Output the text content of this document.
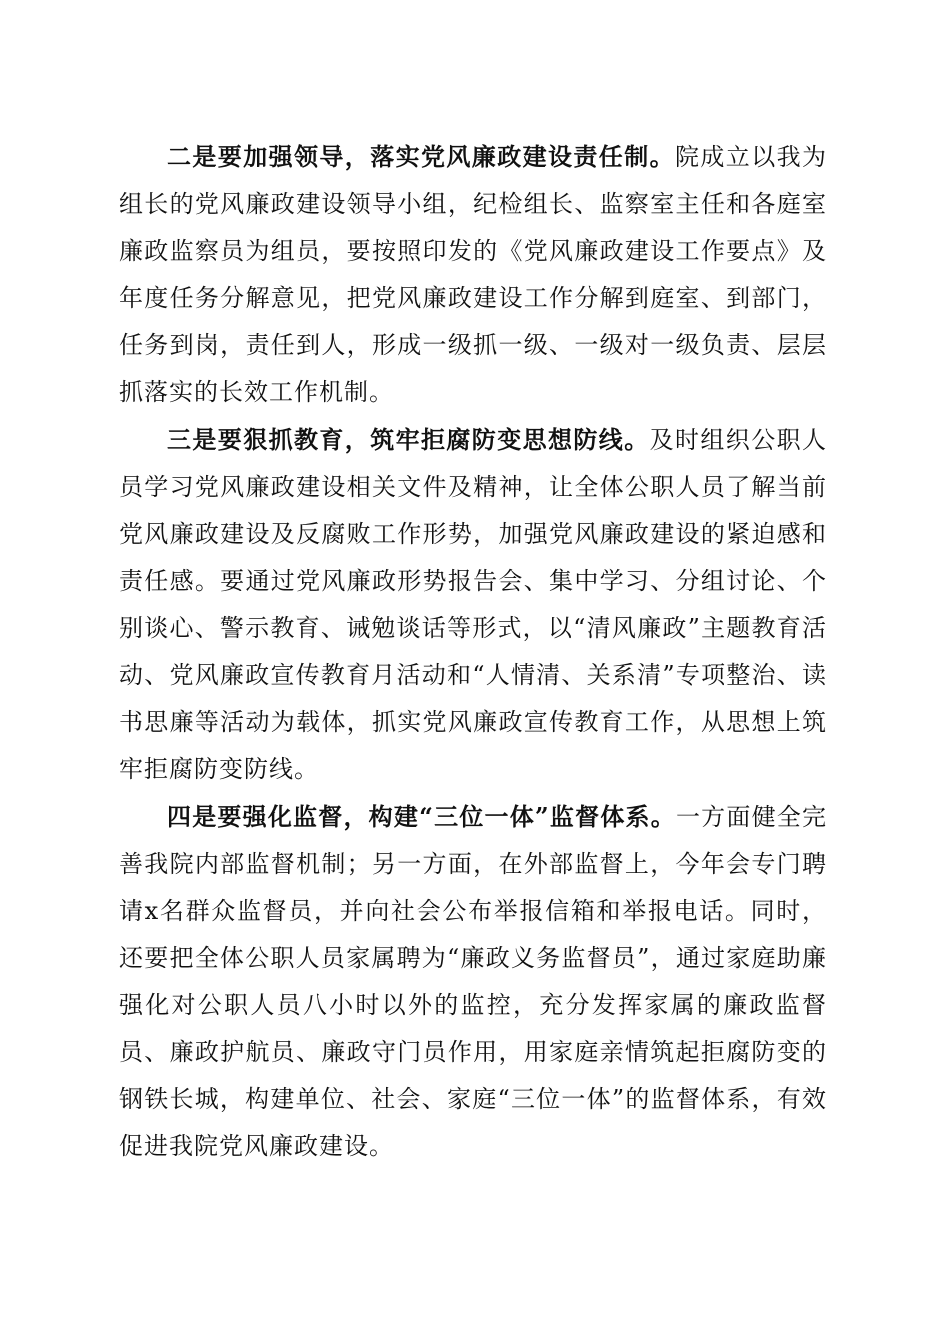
二是要加强领导，落实党风廉政建设责任制。院成立以我为组长的党风廉政建设领导小组，纪检组长、监察室主任和各庭室廉政监察员为组员，要按照印发的《党风廉政建设工作要点》及年度任务分解意见，把党风廉政建设工作分解到庭室、到部门，任务到岗，责任到人，形成一级抓一级、一级对一级负责、层层抓落实的长效工作机制。

三是要狠抓教育，筑牢拒腐防变思想防线。及时组织公职人员学习党风廉政建设相关文件及精神，让全体公职人员了解当前党风廉政建设及反腐败工作形势，加强党风廉政建设的紧迫感和责任感。要通过党风廉政形势报告会、集中学习、分组讨论、个别谈心、警示教育、诫勉谈话等形式，以“清风廉政”主题教育活动、党风廉政宣传教育月活动和“人情清、关系清”专项整治、读书思廉等活动为载体，抓实党风廉政宣传教育工作，从思想上筑牢拒腐防变防线。

四是要强化监督，构建“三位一体”监督体系。一方面健全完善我院内部监督机制；另一方面，在外部监督上，今年会专门聘请x名群众监督员，并向社会公布举报信箱和举报电话。同时，还要把全体公职人员家属聘为“廉政义务监督员”，通过家庭助廉强化对公职人员八小时以外的监控，充分发挥家属的廉政监督员、廉政护航员、廉政守门员作用，用家庭亲情筑起拒腐防变的钢铁长城，构建单位、社会、家庭“三位一体”的监督体系，有效促进我院党风廉政建设。
